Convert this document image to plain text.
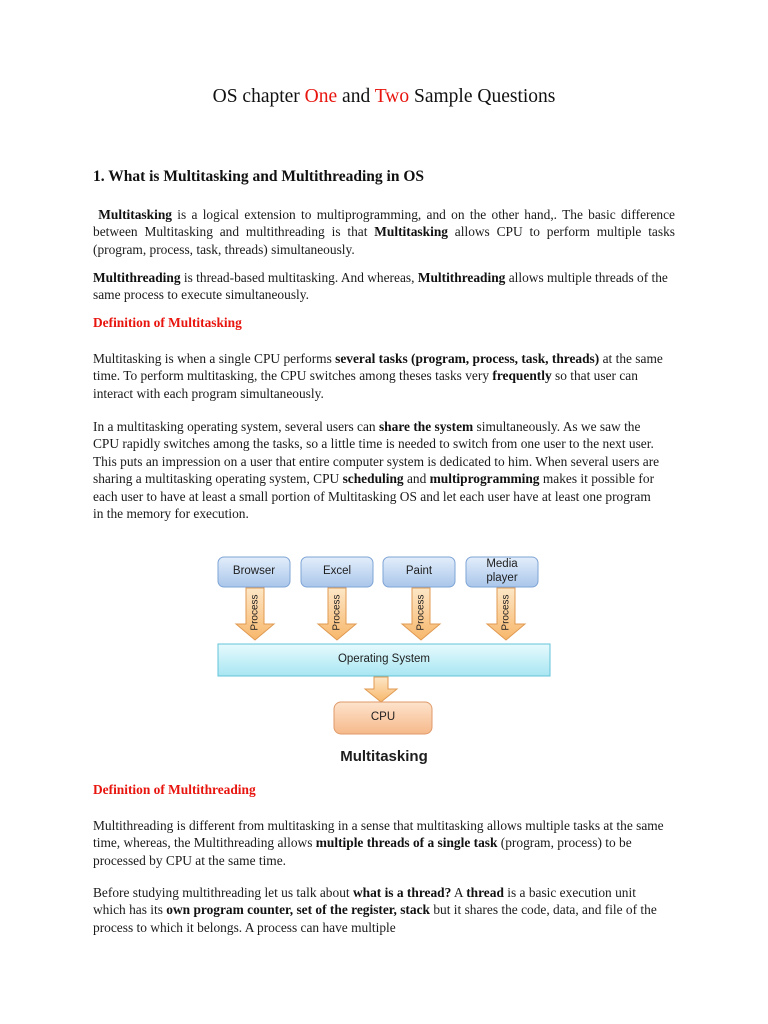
OS chapter One and Two Sample Questions
1. What is Multitasking and Multithreading in OS
Multitasking is a logical extension to multiprogramming, and on the other hand,. The basic difference between Multitasking and multithreading is that Multitasking allows CPU to perform multiple tasks (program, process, task, threads) simultaneously.
Multithreading is thread-based multitasking. And whereas, Multithreading allows multiple threads of the same process to execute simultaneously.
Definition of Multitasking
Multitasking is when a single CPU performs several tasks (program, process, task, threads) at the same time. To perform multitasking, the CPU switches among theses tasks very frequently so that user can interact with each program simultaneously.
In a multitasking operating system, several users can share the system simultaneously. As we saw the CPU rapidly switches among the tasks, so a little time is needed to switch from one user to the next user. This puts an impression on a user that entire computer system is dedicated to him. When several users are sharing a multitasking operating system, CPU scheduling and multiprogramming makes it possible for each user to have at least a small portion of Multitasking OS and let each user have at least one program in the memory for execution.
Browser	Excel	Paint
Media player
Process	Process	Process	Process
Operating System
CPU
Multitasking
Definition of Multithreading
Multithreading is different from multitasking in a sense that multitasking allows multiple tasks at the same time, whereas, the Multithreading allows multiple threads of a single task (program, process) to be processed by CPU at the same time.
Before studying multithreading let us talk about what is a thread? A thread is a basic execution unit which has its own program counter, set of the register, stack but it shares the code, data, and file of the process to which it belongs. A process can have multiple
